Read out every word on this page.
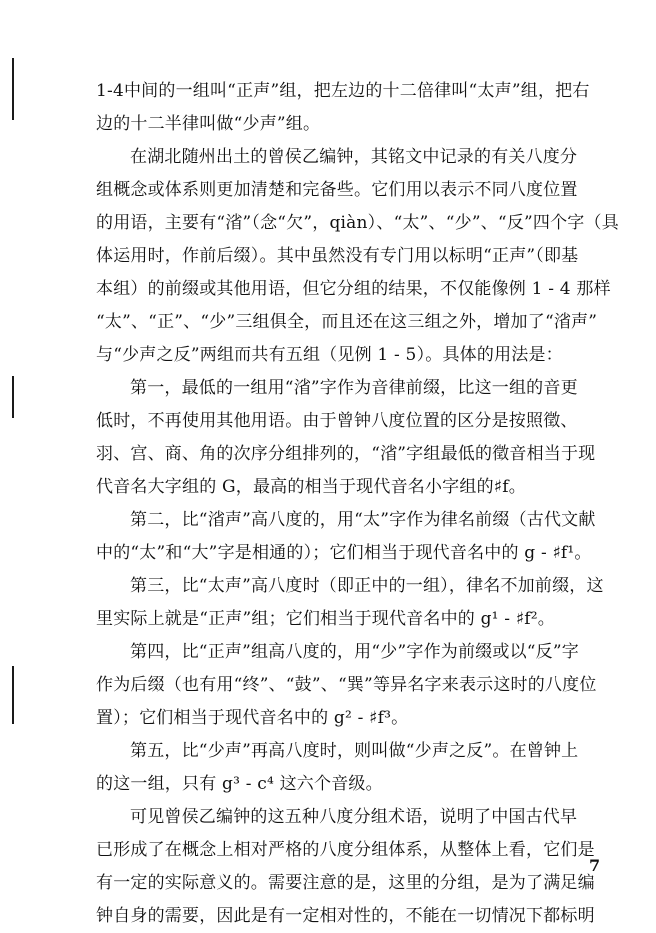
1-4中间的一组叫“正声”组，把左边的十二倍律叫“太声”组，把右
边的十二半律叫做“少声”组。
在湖北随州出土的曾侯乙编钟，其铭文中记录的有关八度分
组概念或体系则更加清楚和完备些。它们用以表示不同八度位置
的用语，主要有“渻”（念“欠”，qiàn）、“太”、“少”、“反”四个字（具
体运用时，作前后缀）。其中虽然没有专门用以标明“正声”（即基
本组）的前缀或其他用语，但它分组的结果，不仅能像例 1 - 4 那样
“太”、“正”、“少”三组俱全，而且还在这三组之外，增加了“渻声”
与“少声之反”两组而共有五组（见例 1 - 5）。具体的用法是：
第一，最低的一组用“渻”字作为音律前缀，比这一组的音更
低时，不再使用其他用语。由于曾钟八度位置的区分是按照徵、
羽、宫、商、角的次序分组排列的，“渻”字组最低的徵音相当于现
代音名大字组的 G，最高的相当于现代音名小字组的♯f。
第二，比“渻声”高八度的，用“太”字作为律名前缀（古代文献
中的“太”和“大”字是相通的）；它们相当于现代音名中的 g - ♯f¹。
第三，比“太声”高八度时（即正中的一组），律名不加前缀，这
里实际上就是“正声”组；它们相当于现代音名中的 g¹ - ♯f²。
第四，比“正声”组高八度的，用“少”字作为前缀或以“反”字
作为后缀（也有用“终”、“鼓”、“巽”等异名字来表示这时的八度位
置）；它们相当于现代音名中的 g² - ♯f³。
第五，比“少声”再高八度时，则叫做“少声之反”。在曾钟上
的这一组，只有 g³ - c⁴ 这六个音级。
可见曾侯乙编钟的这五种八度分组术语，说明了中国古代早
已形成了在概念上相对严格的八度分组体系，从整体上看，它们是
有一定的实际意义的。需要注意的是，这里的分组，是为了满足编
钟自身的需要，因此是有一定相对性的，不能在一切情况下都标明
7
